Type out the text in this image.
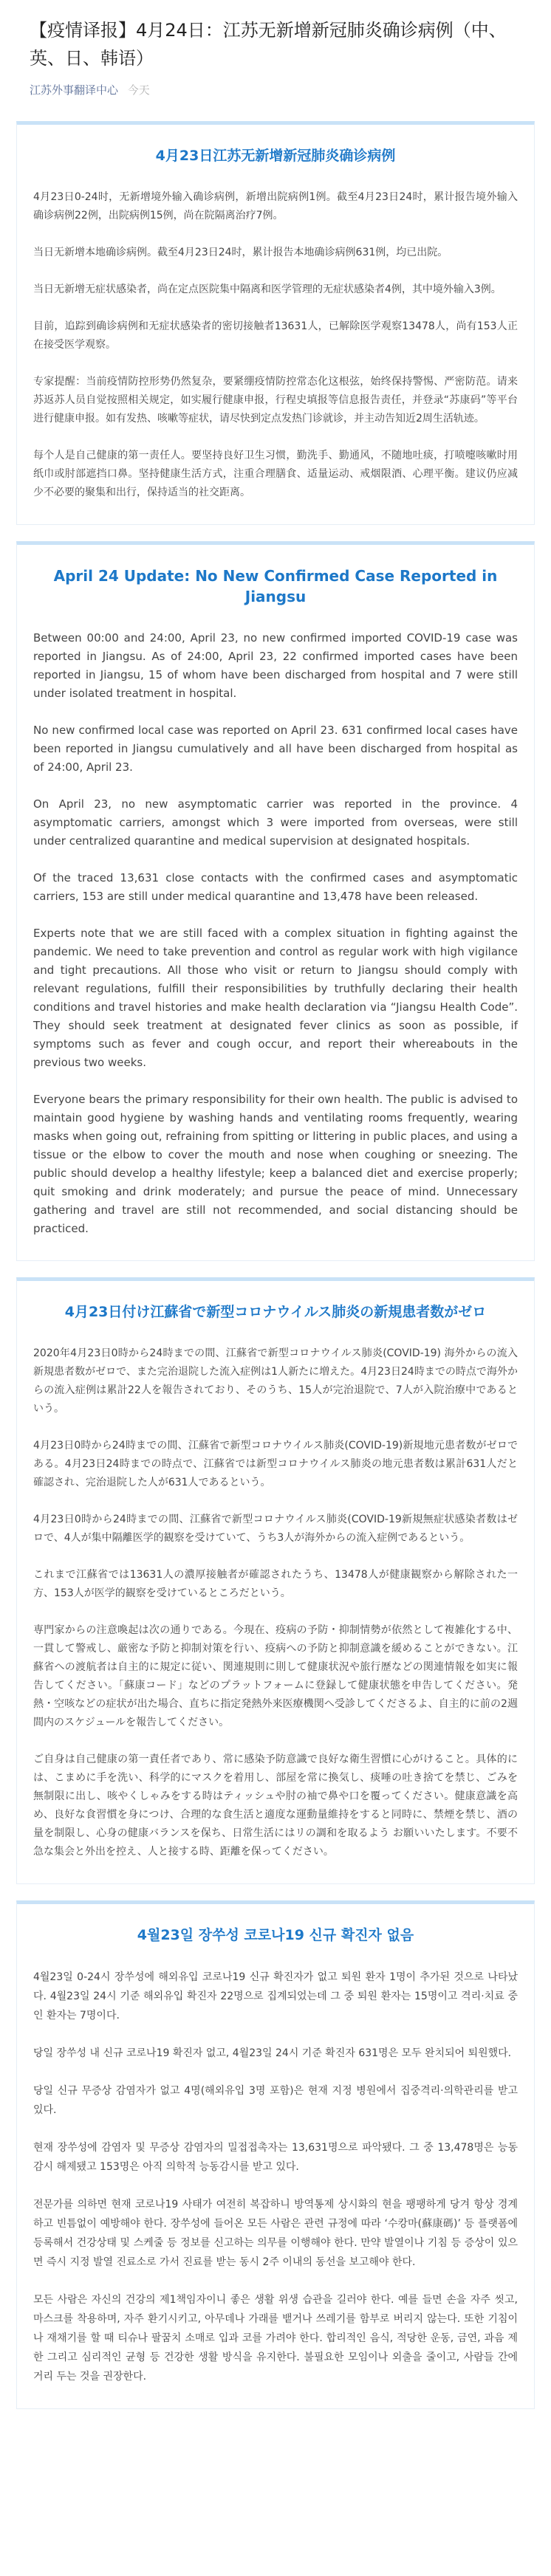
【疫情译报】4月24日：江苏无新增新冠肺炎确诊病例（中、英、日、韩语）
江苏外事翻译中心 今天
4月23日江苏无新增新冠肺炎确诊病例

4月23日0-24时，无新增境外输入确诊病例，新增出院病例1例。截至4月23日24时，累计报告境外输入确诊病例22例，出院病例15例，尚在院隔离治疗7例。

当日无新增本地确诊病例。截至4月23日24时，累计报告本地确诊病例631例，均已出院。

当日无新增无症状感染者，尚在定点医院集中隔离和医学管理的无症状感染者4例，其中境外输入3例。

目前，追踪到确诊病例和无症状感染者的密切接触者13631人，已解除医学观察13478人，尚有153人正在接受医学观察。

专家提醒：当前疫情防控形势仍然复杂，要紧绷疫情防控常态化这根弦，始终保持警惕、严密防范。请来苏返苏人员自觉按照相关规定，如实履行健康申报，行程史填报等信息报告责任，并登录“苏康码”等平台进行健康申报。如有发热、咳嗽等症状，请尽快到定点发热门诊就诊，并主动告知近2周生活轨迹。

每个人是自己健康的第一责任人。要坚持良好卫生习惯，勤洗手、勤通风，不随地吐痰，打喷嚏咳嗽时用纸巾或肘部遮挡口鼻。坚持健康生活方式，注重合理膳食、适量运动、戒烟限酒、心理平衡。建议仍应减少不必要的聚集和出行，保持适当的社交距离。

April 24 Update: No New Confirmed Case Reported in Jiangsu

Between 00:00 and 24:00, April 23, no new confirmed imported COVID-19 case was reported in Jiangsu. As of 24:00, April 23, 22 confirmed imported cases have been reported in Jiangsu, 15 of whom have been discharged from hospital and 7 were still under isolated treatment in hospital.

No new confirmed local case was reported on April 23. 631 confirmed local cases have been reported in Jiangsu cumulatively and all have been discharged from hospital as of 24:00, April 23.

On April 23, no new asymptomatic carrier was reported in the province. 4 asymptomatic carriers, amongst which 3 were imported from overseas, were still under centralized quarantine and medical supervision at designated hospitals.

Of the traced 13,631 close contacts with the confirmed cases and asymptomatic carriers, 153 are still under medical quarantine and 13,478 have been released.

Experts note that we are still faced with a complex situation in fighting against the pandemic. We need to take prevention and control as regular work with high vigilance and tight precautions. All those who visit or return to Jiangsu should comply with relevant regulations, fulfill their responsibilities by truthfully declaring their health conditions and travel histories and make health declaration via “Jiangsu Health Code”. They should seek treatment at designated fever clinics as soon as possible, if symptoms such as fever and cough occur, and report their whereabouts in the previous two weeks.

Everyone bears the primary responsibility for their own health. The public is advised to maintain good hygiene by washing hands and ventilating rooms frequently, wearing masks when going out, refraining from spitting or littering in public places, and using a tissue or the elbow to cover the mouth and nose when coughing or sneezing. The public should develop a healthy lifestyle; keep a balanced diet and exercise properly; quit smoking and drink moderately; and pursue the peace of mind. Unnecessary gathering and travel are still not recommended, and social distancing should be practiced.

4月23日付け江蘇省で新型コロナウイルス肺炎の新規患者数がゼロ

2020年4月23日0時から24時までの間、江蘇省で新型コロナウイルス肺炎(COVID-19) 海外からの流入新規患者数がゼロで、また完治退院した流入症例は1人新たに増えた。4月23日24時までの時点で海外からの流入症例は累計22人を報告されており、そのうち、15人が完治退院で、7人が入院治療中であるという。

4月23日0時から24時までの間、江蘇省で新型コロナウイルス肺炎(COVID-19)新規地元患者数がゼロである。4月23日24時までの時点で、江蘇省では新型コロナウイルス肺炎の地元患者数は累計631人だと確認され、完治退院した人が631人であるという。

4月23日0時から24時までの間、江蘇省で新型コロナウイルス肺炎(COVID-19新規無症状感染者数はゼロで、4人が集中隔離医学的観察を受けていて、うち3人が海外からの流入症例であるという。

これまで江蘇省では13631人の濃厚接触者が確認されたうち、13478人が健康観察から解除された一方、153人が医学的観察を受けているところだという。

専門家からの注意喚起は次の通りである。今現在、疫病の予防・抑制情勢が依然として複雑化する中、一貫して警戒し、厳密な予防と抑制対策を行い、疫病への予防と抑制意識を緩めることができない。江蘇省への渡航者は自主的に規定に従い、関連規則に則して健康状況や旅行歴などの関連情報を如実に報告してください。「蘇康コード」などのプラットフォームに登録して健康状態を申告してください。発熱・空咳などの症状が出た場合、直ちに指定発熱外来医療機関へ受診してくださるよ、自主的に前の2週間内のスケジュールを報告してください。

ご自身は自己健康の第一責任者であり、常に感染予防意識で良好な衛生習慣に心がけること。具体的には、こまめに手を洗い、科学的にマスクを着用し、部屋を常に換気し、痰唾の吐き捨てを禁じ、ごみを無制限に出し、咳やくしゃみをする時はティッシュや肘の袖で鼻や口を覆ってください。健康意識を高め、良好な食習慣を身につけ、合理的な食生活と適度な運動量維持をすると同時に、禁煙を禁じ、酒の量を制限し、心身の健康バランスを保ち、日常生活にはリの調和を取るよう お願いいたします。不要不急な集会と外出を控え、人と接する時、距離を保ってください。

4월23일 장쑤성 코로나19 신규 확진자 없음

4월23일 0-24시 장쑤성에 해외유입 코로나19 신규 확진자가 없고 퇴원 환자 1명이 추가된 것으로 나타났다. 4월23일 24시 기준 해외유입 확진자 22명으로 집계되었는데 그 중 퇴원 환자는 15명이고 격리·치료 중인 환자는 7명이다.

당일 장쑤성 내 신규 코로나19 확진자 없고, 4월23일 24시 기준 확진자 631명은 모두 완치되어 퇴원했다.

당일 신규 무증상 감염자가 없고 4명(해외유입 3명 포함)은 현재 지정 병원에서 집중격리·의학관리를 받고 있다.

현재 장쑤성에 감염자 및 무증상 감염자의 밀접접촉자는 13,631명으로 파악됐다. 그 중 13,478명은 능동감시 해제됐고 153명은 아직 의학적 능동감시를 받고 있다.

전문가를 의하면 현재 코로나19 사태가 여전히 복잡하니 방역통제 상시화의 현을 팽팽하게 당겨 항상 경계하고 빈틈없이 예방해야 한다. 장쑤성에 들어온 모든 사람은 관련 규정에 따라 ‘수캉마(蘇康碼)’ 등 플랫폼에 등록해서 건강상태 및 스케줄 등 정보를 신고하는 의무를 이행해야 한다. 만약 발열이나 기침 등 증상이 있으면 즉시 지정 발열 진료소로 가서 진료를 받는 동시 2주 이내의 동선을 보고해야 한다.

모든 사람은 자신의 건강의 제1책임자이니 좋은 생활 위생 습관을 길러야 한다. 예를 들면 손을 자주 씻고, 마스크를 착용하며, 자주 환기시키고, 아무데나 가래를 뱉거나 쓰레기를 함부로 버리지 않는다. 또한 기침이나 재채기를 할 때 티슈나 팔꿈치 소매로 입과 코를 가려야 한다. 합리적인 음식, 적당한 운동, 금연, 과음 제한 그리고 심리적인 균형 등 건강한 생활 방식을 유지한다. 불필요한 모임이나 외출을 줄이고, 사람들 간에 거리 두는 것을 권장한다.
